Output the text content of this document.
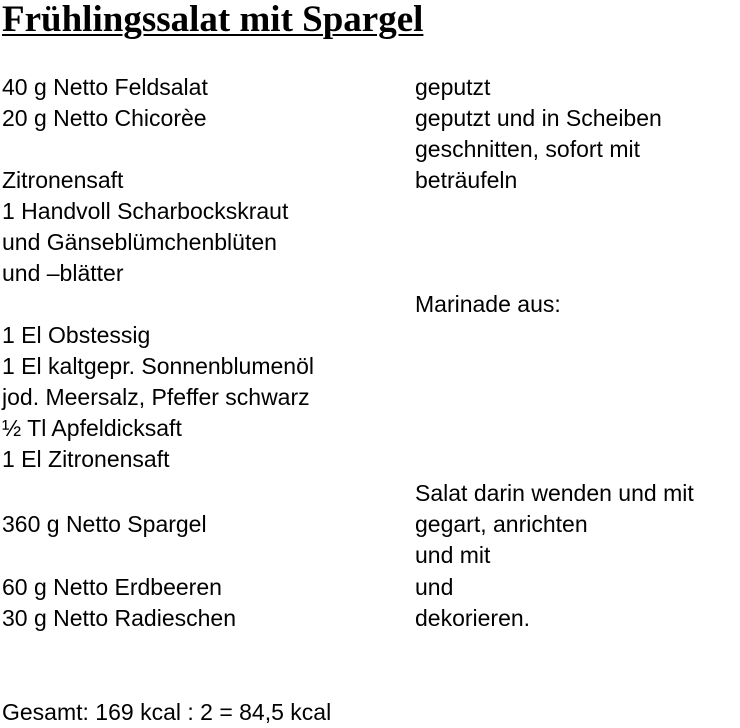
Frühlingssalat mit Spargel
40 g Netto Feldsalat
20 g Netto Chicorèe
Zitronensaft
1 Handvoll Scharbockskraut
und Gänseblümchenblüten
und –blätter
1 El Obstessig
1 El kaltgepr. Sonnenblumenöl
jod. Meersalz, Pfeffer schwarz
½ Tl Apfeldicksaft
1 El Zitronensaft
360 g Netto Spargel
60 g Netto Erdbeeren
30 g Netto Radieschen
geputzt
geputzt und in Scheiben
geschnitten, sofort mit
beträufeln
Marinade aus:
Salat darin wenden und mit
gegart, anrichten
und mit
und
dekorieren.
Gesamt: 169 kcal : 2 = 84,5 kcal
